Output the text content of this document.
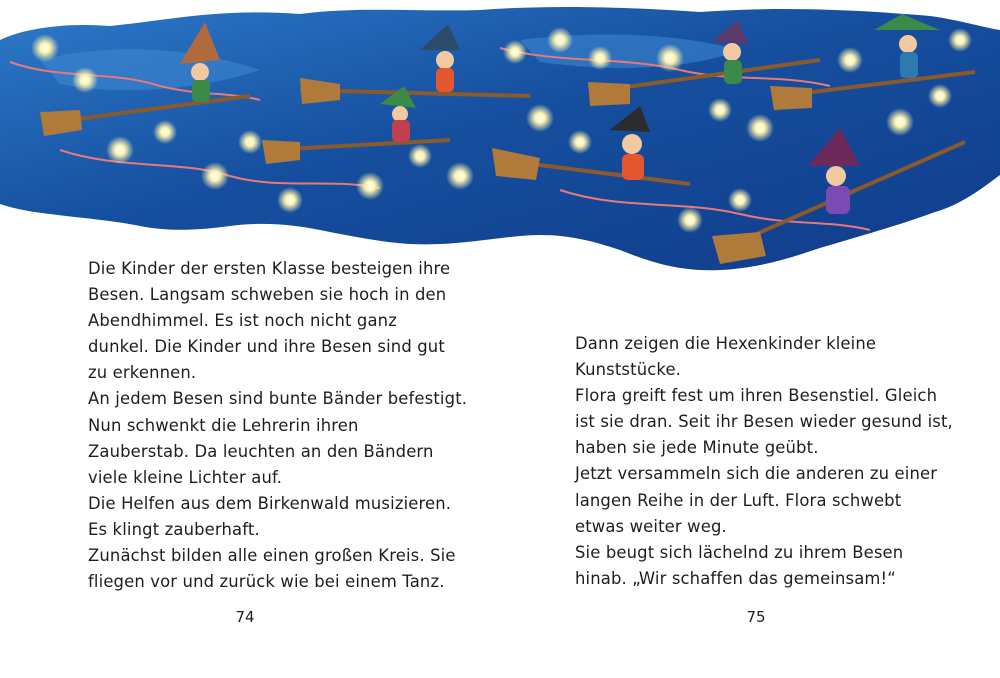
Die Kinder der ersten Klasse besteigen ihre
Besen. Langsam schweben sie hoch in den
Abendhimmel. Es ist noch nicht ganz
dunkel. Die Kinder und ihre Besen sind gut
zu erkennen.
An jedem Besen sind bunte Bänder befestigt.
Nun schwenkt die Lehrerin ihren
Zauberstab. Da leuchten an den Bändern
viele kleine Lichter auf.
Die Helfen aus dem Birkenwald musizieren.
Es klingt zauberhaft.
Zunächst bilden alle einen großen Kreis. Sie
fliegen vor und zurück wie bei einem Tanz.
Dann zeigen die Hexenkinder kleine
Kunststücke.
Flora greift fest um ihren Besenstiel. Gleich
ist sie dran. Seit ihr Besen wieder gesund ist,
haben sie jede Minute geübt.
Jetzt versammeln sich die anderen zu einer
langen Reihe in der Luft. Flora schwebt
etwas weiter weg.
Sie beugt sich lächelnd zu ihrem Besen
hinab. „Wir schaffen das gemeinsam!“
74	75
